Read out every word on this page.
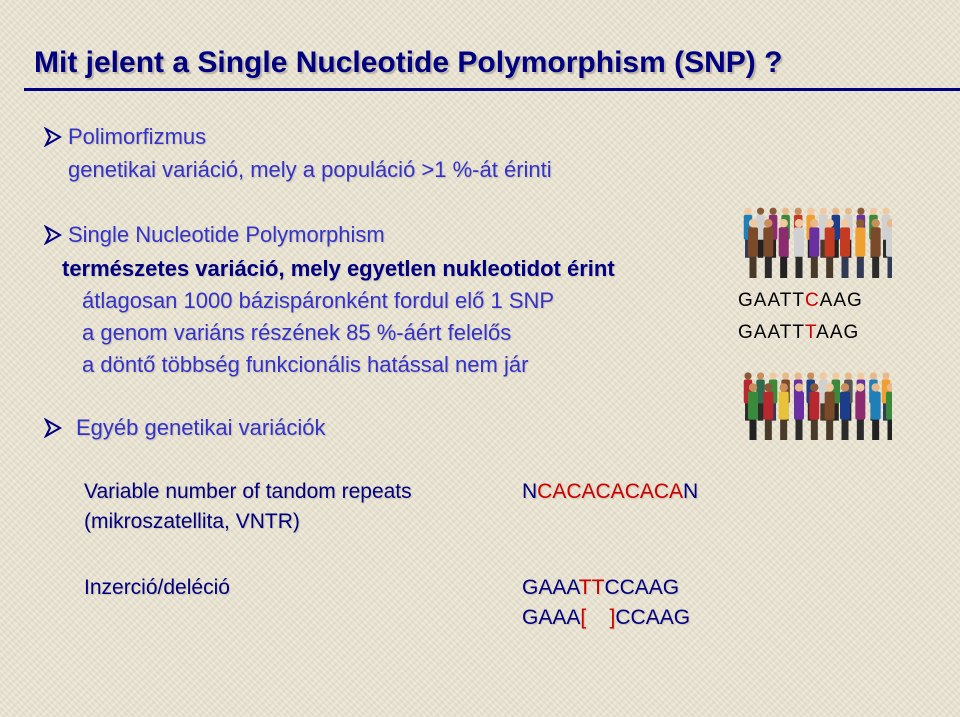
Mit jelent a Single Nucleotide Polymorphism (SNP) ?
Polimorfizmus
genetikai variáció, mely a populáció >1 %-át érinti
Single Nucleotide Polymorphism
természetes variáció, mely egyetlen nukleotidot érint
átlagosan 1000 bázispáronként fordul elő 1 SNP
a genom variáns részének 85 %-áért felelős
a döntő többség funkcionális hatással nem jár
GAATTCAAG
GAATTTAAG
Egyéb genetikai variációk
Variable number of tandom repeats
(mikroszatellita, VNTR)
NCACACACACAN
Inzerció/deléció	GAAATTCCAAG
GAAA[    ]CCAAG
